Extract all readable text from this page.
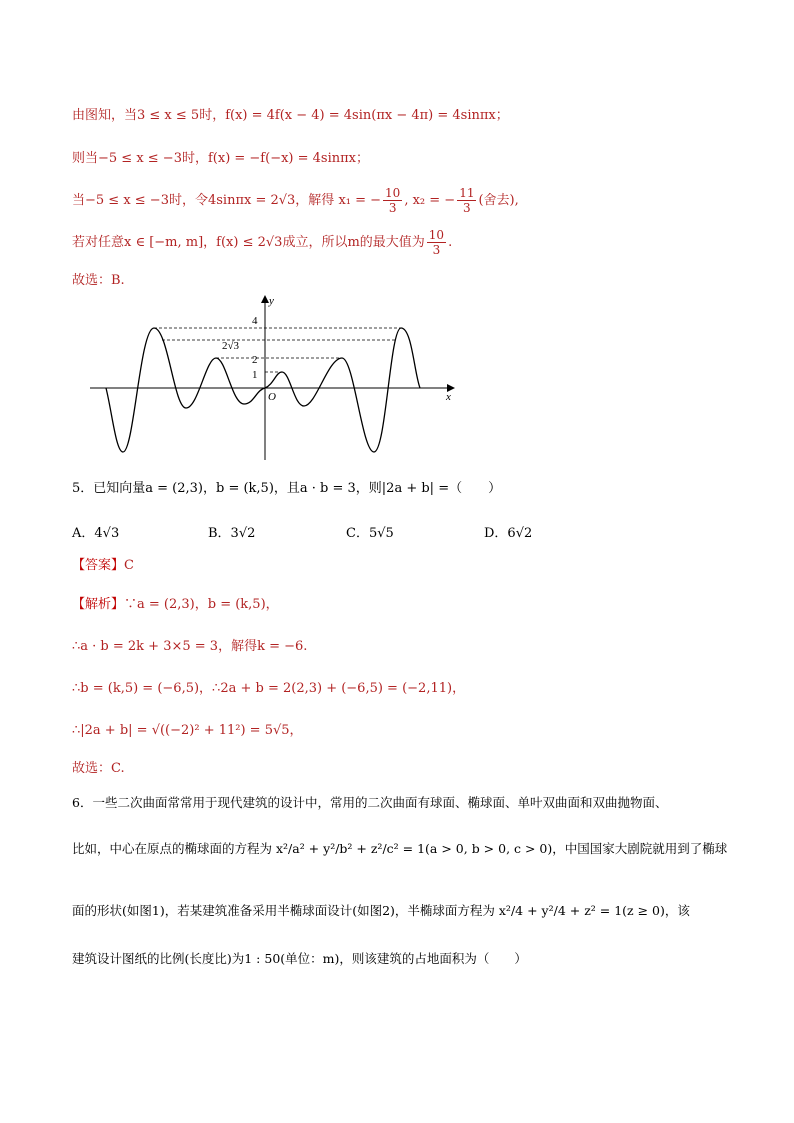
由图知，当3 ≤ x ≤ 5时，f(x) = 4f(x − 4) = 4sin(πx − 4π) = 4sinπx；
则当−5 ≤ x ≤ −3时，f(x) = −f(−x) = 4sinπx；
当−5 ≤ x ≤ −3时，令4sinπx = 2√3，解得 x₁ = − $\frac{10}{3}$ , x₂ = − $\frac{11}{3}$ (舍去),
若对任意x ∈ [−m, m]，f(x) ≤ 2√3成立，所以m的最大值为 $\frac{10}{3}$ .
故选：B.
y
x
O
4
2√3
2
1
5．已知向量a = (2,3)，b = (k,5)，且a · b = 3，则|2a + b| =（　　）
A．4√3	B．3√2	C．5√5	D．6√2
【答案】C
【解析】∵a = (2,3)，b = (k,5)，
∴a · b = 2k + 3×5 = 3，解得k = −6.
∴b = (k,5) = (−6,5)，∴2a + b = 2(2,3) + (−6,5) = (−2,11)，
∴|2a + b| = √((−2)² + 11²) = 5√5，
故选：C.
6．一些二次曲面常常用于现代建筑的设计中，常用的二次曲面有球面、椭球面、单叶双曲面和双曲抛物面、
比如，中心在原点的椭球面的方程为 x²/a² + y²/b² + z²/c² = 1(a > 0, b > 0, c > 0)，中国国家大剧院就用到了椭球
面的形状(如图1)，若某建筑准备采用半椭球面设计(如图2)，半椭球面方程为 x²/4 + y²/4 + z² = 1(z ≥ 0)，该
建筑设计图纸的比例(长度比)为1 : 50(单位：m)，则该建筑的占地面积为（　　）
